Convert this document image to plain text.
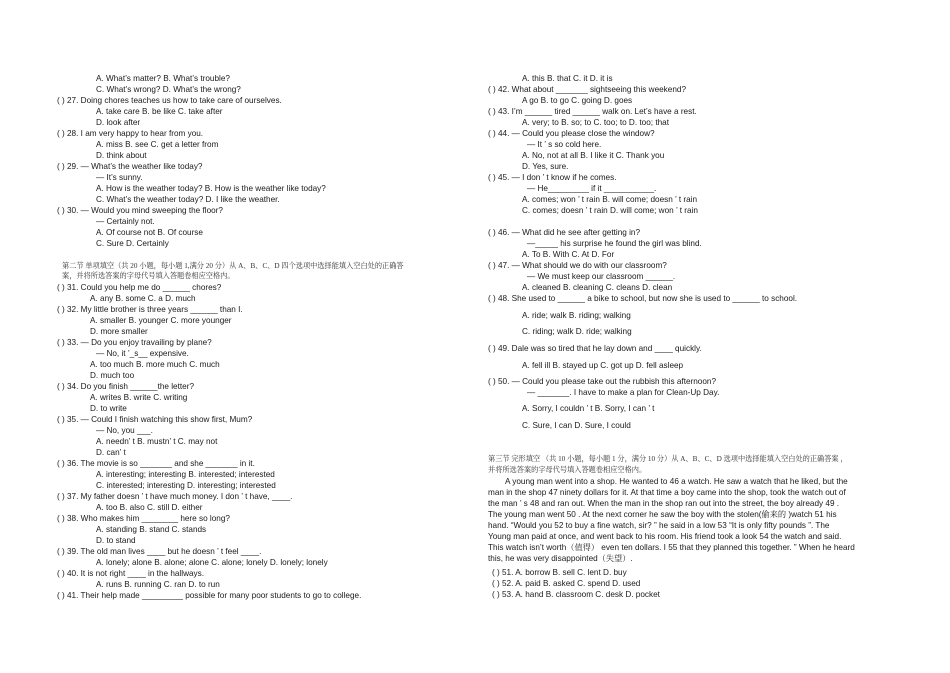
A. What’s matter? B. What’s trouble?
C. What’s wrong? D. What’s the wrong?
( ) 27. Doing chores teaches us how to take care of ourselves.
A. take care B. be like C. take after
D. look after
( ) 28. I am very happy to hear from you.
A. miss B. see C. get a letter from
D. think about
( ) 29. — What’s the weather like today?
— It’s sunny.
A. How is the weather today? B. How is the weather like today?
C. What’s the weather today? D. I like the weather.
( ) 30. — Would you mind sweeping the floor?
— Certainly not.
A. Of course not B. Of course
C. Sure D. Certainly
第二节 单项填空（共 20 小题，每小题 1,满分 20 分）从 A、B、C、D 四个选项中选择能填入空白处的正确答
案，并将所选答案的字母代号填入答题卷相应空格内。
( ) 31. Could you help me do ______ chores?
A. any B. some C. a D. much
( ) 32. My little brother is three years ______ than I.
A. smaller B. younger C. more younger
D. more smaller
( ) 33. — Do you enjoy travailing by plane?
— No, it ’_s__ expensive.
A. too much B. more much C. much
D. much too
( ) 34. Do you finish ______the letter?
A. writes B. write C. writing
D. to write
( ) 35. — Could I finish watching this show first, Mum?
— No, you ___.
A. needn’ t B. mustn’ t C. may not
D. can’ t
( ) 36. The movie is so _______ and she _______ in it.
A. interesting; interesting B. interested; interested
C. interested; interesting D. interesting; interested
( ) 37. My father doesn ’ t have much money. I don ’ t have, ____.
A. too B. also C. still D. either
( ) 38. Who makes him ________ here so long?
A. standing B. stand C. stands
D. to stand
( ) 39. The old man lives ____ but he doesn ’ t feel ____.
A. lonely; alone B. alone; alone C. alone; lonely D. lonely; lonely
( ) 40. It is not right ____ in the hallways.
A. runs B. running C. ran D. to run
( ) 41. Their help made _________ possible for many poor students to go to college.
A. this B. that C. it D. it is
( ) 42. What about _______ sightseeing this weekend?
A go B. to go C. going D. goes
( ) 43. I’m ______ tired ______ walk on. Let’s have a rest.
A. very; to B. so; to C. too; to D. too; that
( ) 44. — Could you please close the window?
— It ’ s so cold here.
A. No, not at all B. I like it C. Thank you
D. Yes, sure.
( ) 45. — I don ’ t know if he comes.
— He_________ if it ___________.
A. comes; won ’ t rain B. will come; doesn ’ t rain
C. comes; doesn ’ t rain D. will come; won ’ t rain
( ) 46. — What did he see after getting in?
—_____ his surprise he found the girl was blind.
A. To B. With C. At D. For
( ) 47. — What should we do with our classroom?
— We must keep our classroom ______.
A. cleaned B. cleaning C. cleans D. clean
( ) 48. She used to ______ a bike to school, but now she is used to ______ to school.
A. ride; walk B. riding; walking
C. riding; walk D. ride; walking
( ) 49. Dale was so tired that he lay down and ____ quickly.
A. fell ill B. stayed up C. got up D. fell asleep
( ) 50. — Could you please take out the rubbish this afternoon?
— _______. I have to make a plan for Clean-Up Day.
A. Sorry, I couldn ’ t B. Sorry, I can ’ t
C. Sure, I can D. Sure, I could
第三节 完形填空 （共 10 小题，每小题 1 分，满分 10 分）从 A、B、C、D 选项中选择能填入空白处的正确答案 ，
并将所选答案的字母代号填入答题卷相应空格内。
A young man went into a shop. He wanted to 46 a watch. He saw a watch that he liked, but the
man in the shop 47 ninety dollars for it. At that time a boy came into the shop, took the watch out of
the man ’ s 48 and ran out. When the man in the shop ran out into the street, the boy already 49 .
The young man went 50 . At the next corner he saw the boy with the stolen(偷来的 )watch 51 his
hand. “Would you 52 to buy a fine watch, sir? ” he said in a low 53 “It is only fifty pounds ”. The
Young man paid at once, and went back to his room. His friend took a look 54 the watch and said.
This watch isn’t worth（值得） even ten dollars. I 55 that they planned this together. ” When he heard
this, he was very disappointed（失望）.
( ) 51. A. borrow B. sell C. lent D. buy
( ) 52. A. paid B. asked C. spend D. used
( ) 53. A. hand B. classroom C. desk D. pocket
